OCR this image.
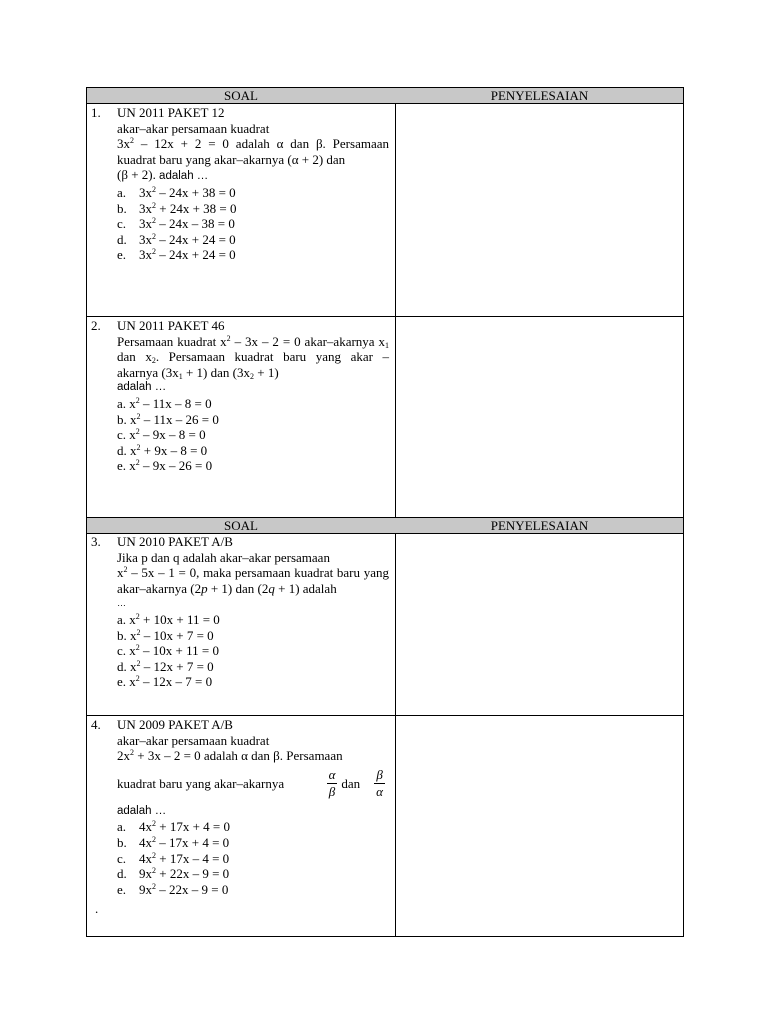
SOAL	PENYELESAIAN
1.	UN 2011 PAKET 12
akar–akar persamaan kuadrat
$3x^2 - 12x + 2 = 0$ adalah α dan β. Persamaan kuadrat baru yang akar–akarnya (α + 2) dan
(β + 2). adalah …
a. $3x^2 - 24x + 38 = 0$
b. $3x^2 + 24x + 38 = 0$
c. $3x^2 - 24x - 38 = 0$
d. $3x^2 - 24x + 24 = 0$
e. $3x^2 - 24x + 24 = 0$
2.	UN 2011 PAKET 46
Persamaan kuadrat $x^2 - 3x - 2 = 0$ akar–akarnya $x_1$ dan $x_2$. Persamaan kuadrat baru yang akar – akarnya $(3x_1 + 1)$ dan $(3x_2 + 1)$
adalah …
a. $x^2 - 11x - 8 = 0$
b. $x^2 - 11x - 26 = 0$
c. $x^2 - 9x - 8 = 0$
d. $x^2 + 9x - 8 = 0$
e. $x^2 - 9x - 26 = 0$
SOAL	PENYELESAIAN
3.	UN 2010 PAKET A/B
Jika p dan q adalah akar–akar persamaan
$x^2 - 5x - 1 = 0$, maka persamaan kuadrat baru yang akar–akarnya (2p + 1) dan (2q + 1) adalah
…
a. $x^2 + 10x + 11 = 0$
b. $x^2 - 10x + 7 = 0$
c. $x^2 - 10x + 11 = 0$
d. $x^2 - 12x + 7 = 0$
e. $x^2 - 12x - 7 = 0$
4.	UN 2009 PAKET A/B
akar–akar persamaan kuadrat
$2x^2 + 3x - 2 = 0$ adalah α dan β. Persamaan
kuadrat baru yang akar–akarnya	$\frac{\alpha}{\beta}$ dan $\frac{\beta}{\alpha}$
adalah …
a. $4x^2 + 17x + 4 = 0$
b. $4x^2 - 17x + 4 = 0$
c. $4x^2 + 17x - 4 = 0$
d. $9x^2 + 22x - 9 = 0$
e. $9x^2 - 22x - 9 = 0$
.
